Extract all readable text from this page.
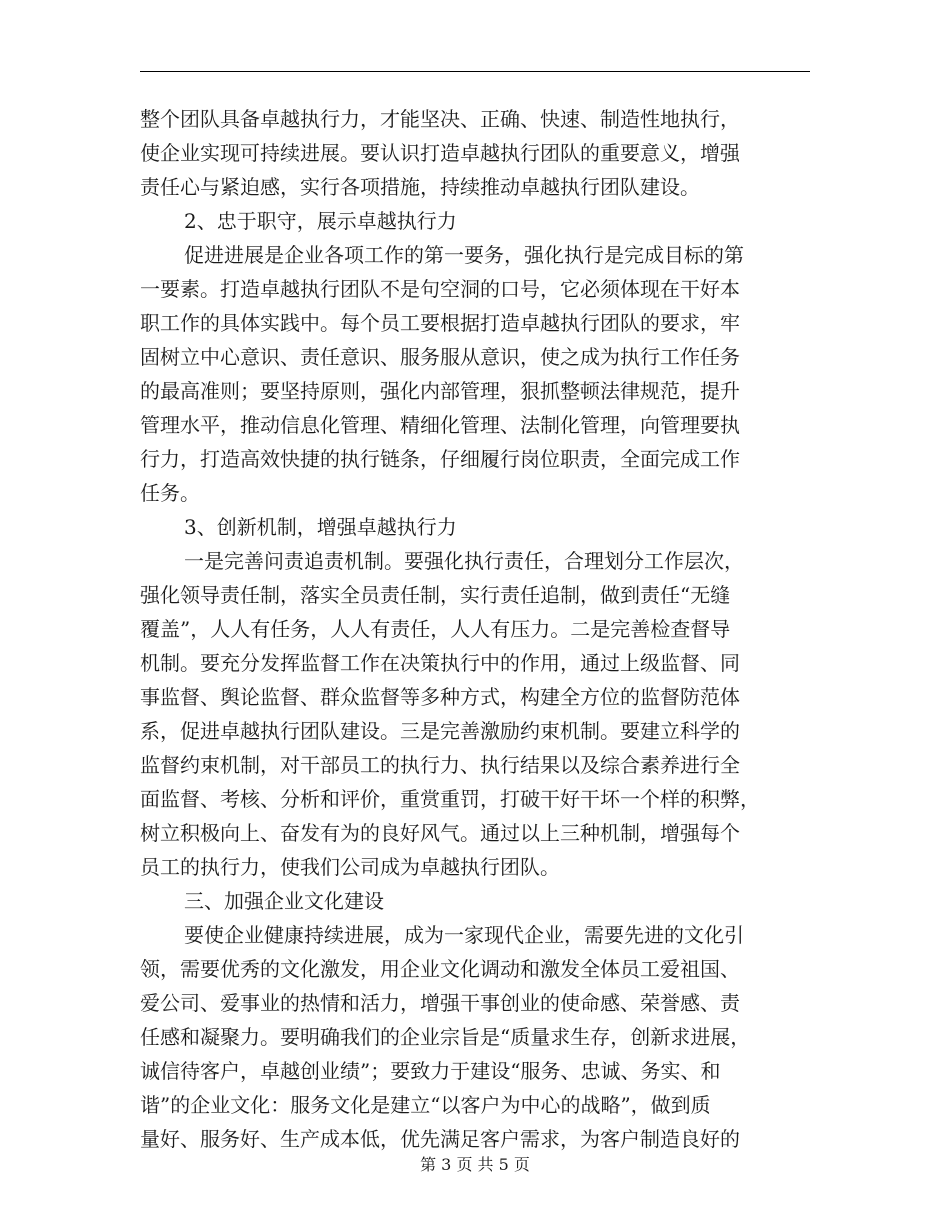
整个团队具备卓越执行力，才能坚决、正确、快速、制造性地执行，
使企业实现可持续进展。要认识打造卓越执行团队的重要意义，增强
责任心与紧迫感，实行各项措施，持续推动卓越执行团队建设。
2、忠于职守，展示卓越执行力
促进进展是企业各项工作的第一要务，强化执行是完成目标的第
一要素。打造卓越执行团队不是句空洞的口号，它必须体现在干好本
职工作的具体实践中。每个员工要根据打造卓越执行团队的要求，牢
固树立中心意识、责任意识、服务服从意识，使之成为执行工作任务
的最高准则；要坚持原则，强化内部管理，狠抓整顿法律规范，提升
管理水平，推动信息化管理、精细化管理、法制化管理，向管理要执
行力，打造高效快捷的执行链条，仔细履行岗位职责，全面完成工作
任务。
3、创新机制，增强卓越执行力
一是完善问责追责机制。要强化执行责任，合理划分工作层次，
强化领导责任制，落实全员责任制，实行责任追制，做到责任“无缝
覆盖”，人人有任务，人人有责任，人人有压力。二是完善检查督导
机制。要充分发挥监督工作在决策执行中的作用，通过上级监督、同
事监督、舆论监督、群众监督等多种方式，构建全方位的监督防范体
系，促进卓越执行团队建设。三是完善激励约束机制。要建立科学的
监督约束机制，对干部员工的执行力、执行结果以及综合素养进行全
面监督、考核、分析和评价，重赏重罚，打破干好干坏一个样的积弊，
树立积极向上、奋发有为的良好风气。通过以上三种机制，增强每个
员工的执行力，使我们公司成为卓越执行团队。
三、加强企业文化建设
要使企业健康持续进展，成为一家现代企业，需要先进的文化引
领，需要优秀的文化激发，用企业文化调动和激发全体员工爱祖国、
爱公司、爱事业的热情和活力，增强干事创业的使命感、荣誉感、责
任感和凝聚力。要明确我们的企业宗旨是“质量求生存，创新求进展，
诚信待客户，卓越创业绩”；要致力于建设“服务、忠诚、务实、和
谐”的企业文化：服务文化是建立“以客户为中心的战略”，做到质
量好、服务好、生产成本低，优先满足客户需求，为客户制造良好的
第 3 页 共 5 页
